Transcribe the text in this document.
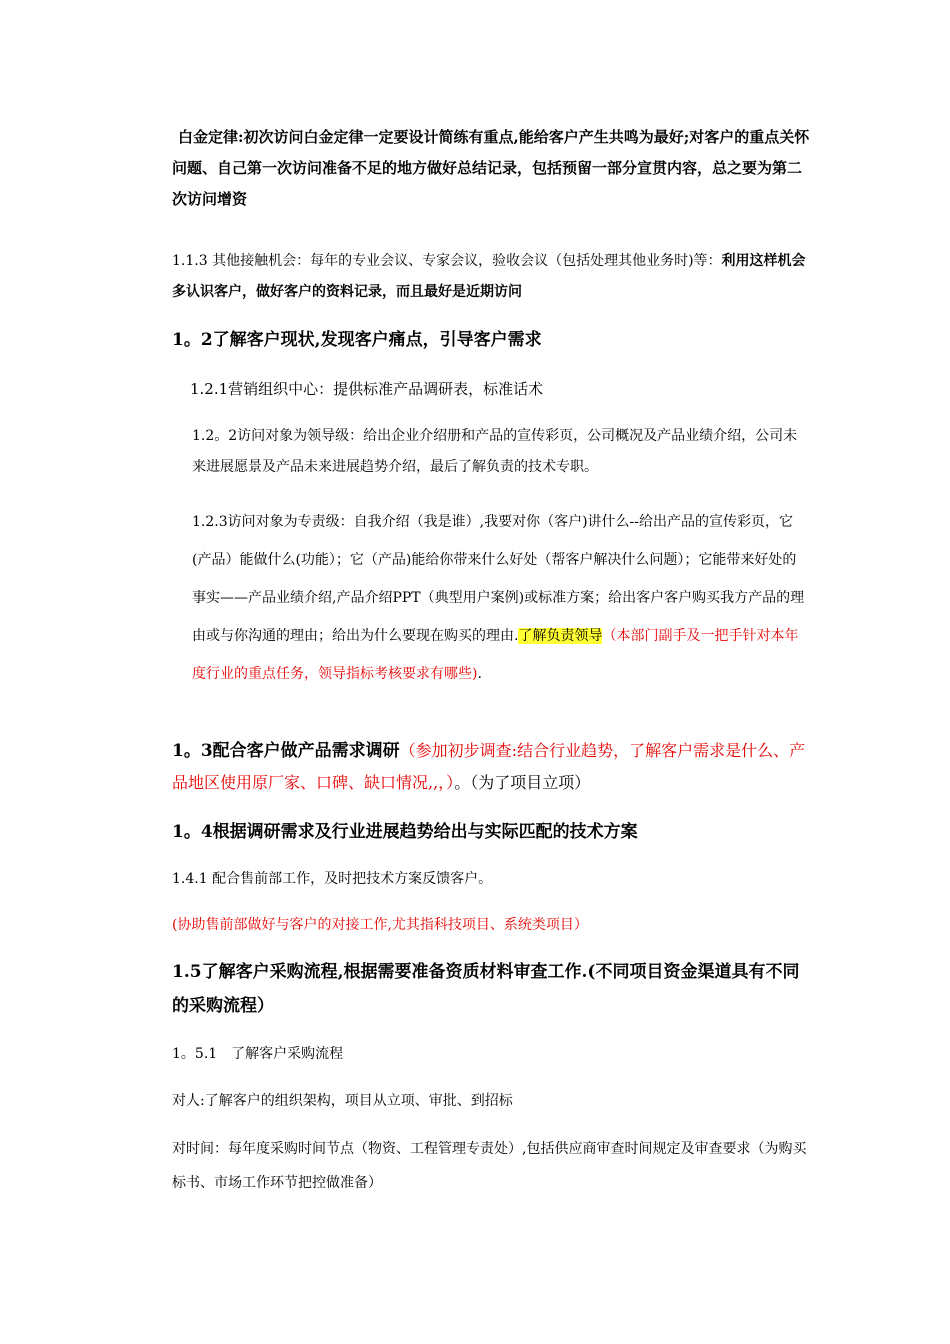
白金定律:初次访问白金定律一定要设计简练有重点,能给客户产生共鸣为最好;对客户的重点关怀问题、自己第一次访问准备不足的地方做好总结记录，包括预留一部分宣贯内容，总之要为第二次访问增资

1.1.3 其他接触机会：每年的专业会议、专家会议，验收会议（包括处理其他业务时)等：利用这样机会多认识客户，做好客户的资料记录，而且最好是近期访问

1。2了解客户现状,发现客户痛点，引导客户需求

1.2.1营销组织中心：提供标准产品调研表，标准话术

1.2。2访问对象为领导级：给出企业介绍册和产品的宣传彩页，公司概况及产品业绩介绍，公司未来进展愿景及产品未来进展趋势介绍，最后了解负责的技术专职。

1.2.3访问对象为专责级：自我介绍（我是谁）,我要对你（客户)讲什么--给出产品的宣传彩页，它(产品）能做什么(功能）；它（产品)能给你带来什么好处（帮客户解决什么问题）；它能带来好处的事实——产品业绩介绍,产品介绍PPT（典型用户案例)或标准方案；给出客户客户购买我方产品的理由或与你沟通的理由；给出为什么要现在购买的理由.了解负责领导（本部门副手及一把手针对本年度行业的重点任务，领导指标考核要求有哪些).

1。3配合客户做产品需求调研（参加初步调查:结合行业趋势，了解客户需求是什么、产品地区使用原厂家、口碑、缺口情况,,，）。（为了项目立项）

1。4根据调研需求及行业进展趋势给出与实际匹配的技术方案

1.4.1 配合售前部工作，及时把技术方案反馈客户。

(协助售前部做好与客户的对接工作,尤其指科技项目、系统类项目）

1.5了解客户采购流程,根据需要准备资质材料审查工作.(不同项目资金渠道具有不同的采购流程）

1。5.1　了解客户采购流程

对人:了解客户的组织架构，项目从立项、审批、到招标

对时间：每年度采购时间节点（物资、工程管理专责处）,包括供应商审查时间规定及审查要求（为购买标书、市场工作环节把控做准备）
